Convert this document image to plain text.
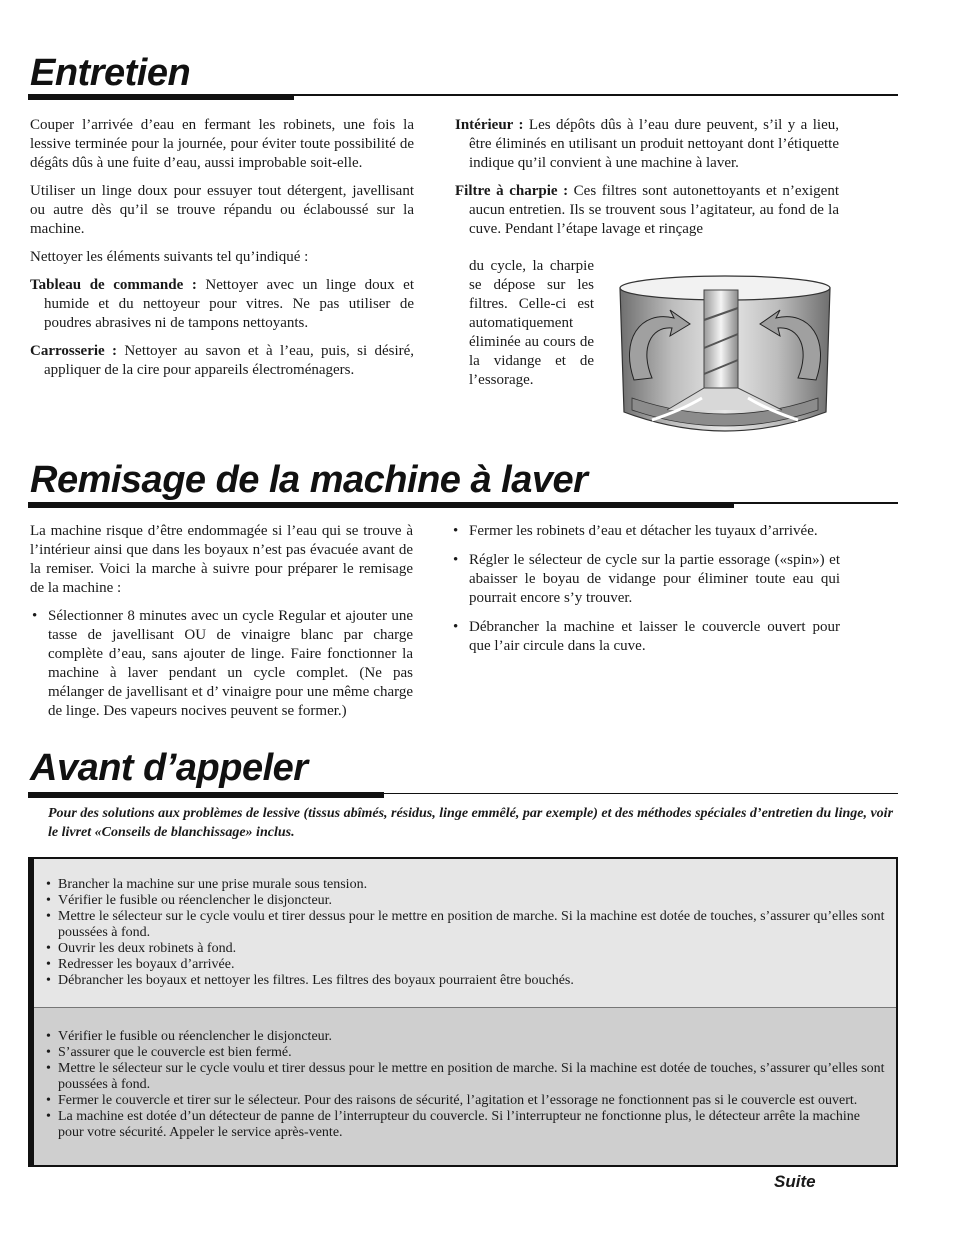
Entretien

Couper l’arrivée d’eau en fermant les robinets, une fois la lessive terminée pour la journée, pour éviter toute possibilité de dégâts dûs à une fuite d’eau, aussi improbable soit-elle.

Utiliser un linge doux pour essuyer tout détergent, javellisant ou autre dès qu’il se trouve répandu ou éclaboussé sur la machine.

Nettoyer les éléments suivants tel qu’indiqué :

Tableau de commande : Nettoyer avec un linge doux et humide et du nettoyeur pour vitres. Ne pas utiliser de poudres abrasives ni de tampons nettoyants.

Carrosserie : Nettoyer au savon et à l’eau, puis, si désiré, appliquer de la cire pour appareils électroménagers.

Intérieur : Les dépôts dûs à l’eau dure peuvent, s’il y a lieu, être éliminés en utilisant un produit nettoyant dont l’étiquette indique qu’il convient à une machine à laver.

Filtre à charpie : Ces filtres sont autonettoyants et n’exigent aucun entretien. Ils se trouvent sous l’agitateur, au fond de la cuve. Pendant l’étape lavage et rinçage

du cycle, la charpie se dépose sur les filtres. Celle-ci est automatiquement éliminée au cours de la vidange et de l’essorage.

Remisage de la machine à laver

La machine risque d’être endommagée si l’eau qui se trouve à l’intérieur ainsi que dans les boyaux n’est pas évacuée avant de la remiser. Voici la marche à suivre pour préparer le remisage de la machine :

• Sélectionner 8 minutes avec un cycle Regular et ajouter une tasse de javellisant OU de vinaigre blanc par charge complète d’eau, sans ajouter de linge. Faire fonctionner la machine à laver pendant un cycle complet. (Ne pas mélanger de javellisant et d’ vinaigre pour une même charge de linge. Des vapeurs nocives peuvent se former.)
• Fermer les robinets d’eau et détacher les tuyaux d’arrivée.
• Régler le sélecteur de cycle sur la partie essorage («spin») et abaisser le boyau de vidange pour éliminer toute eau qui pourrait encore s’y trouver.
• Débrancher la machine et laisser le couvercle ouvert pour que l’air circule dans la cuve.
Avant d’appeler

Pour des solutions aux problèmes de lessive (tissus abîmés, résidus, linge emmêlé, par exemple) et des méthodes spéciales d’entretien du linge, voir le livret «Conseils de blanchissage» inclus.

• Brancher la machine sur une prise murale sous tension.
• Vérifier le fusible ou réenclencher le disjoncteur.
• Mettre le sélecteur sur le cycle voulu et tirer dessus pour le mettre en position de marche. Si la machine est dotée de touches, s’assurer qu’elles sont poussées à fond.
• Ouvrir les deux robinets à fond.
• Redresser les boyaux d’arrivée.
• Débrancher les boyaux et nettoyer les filtres. Les filtres des boyaux pourraient être bouchés.
• Vérifier le fusible ou réenclencher le disjoncteur.
• S’assurer que le couvercle est bien fermé.
• Mettre le sélecteur sur le cycle voulu et tirer dessus pour le mettre en position de marche. Si la machine est dotée de touches, s’assurer qu’elles sont poussées à fond.
• Fermer le couvercle et tirer sur le sélecteur. Pour des raisons de sécurité, l’agitation et l’essorage ne fonctionnent pas si le couvercle est ouvert.
• La machine est dotée d’un détecteur de panne de l’interrupteur du couvercle. Si l’interrupteur ne fonctionne plus, le détecteur arrête la machine pour votre sécurité. Appeler le service après-vente.
Suite
